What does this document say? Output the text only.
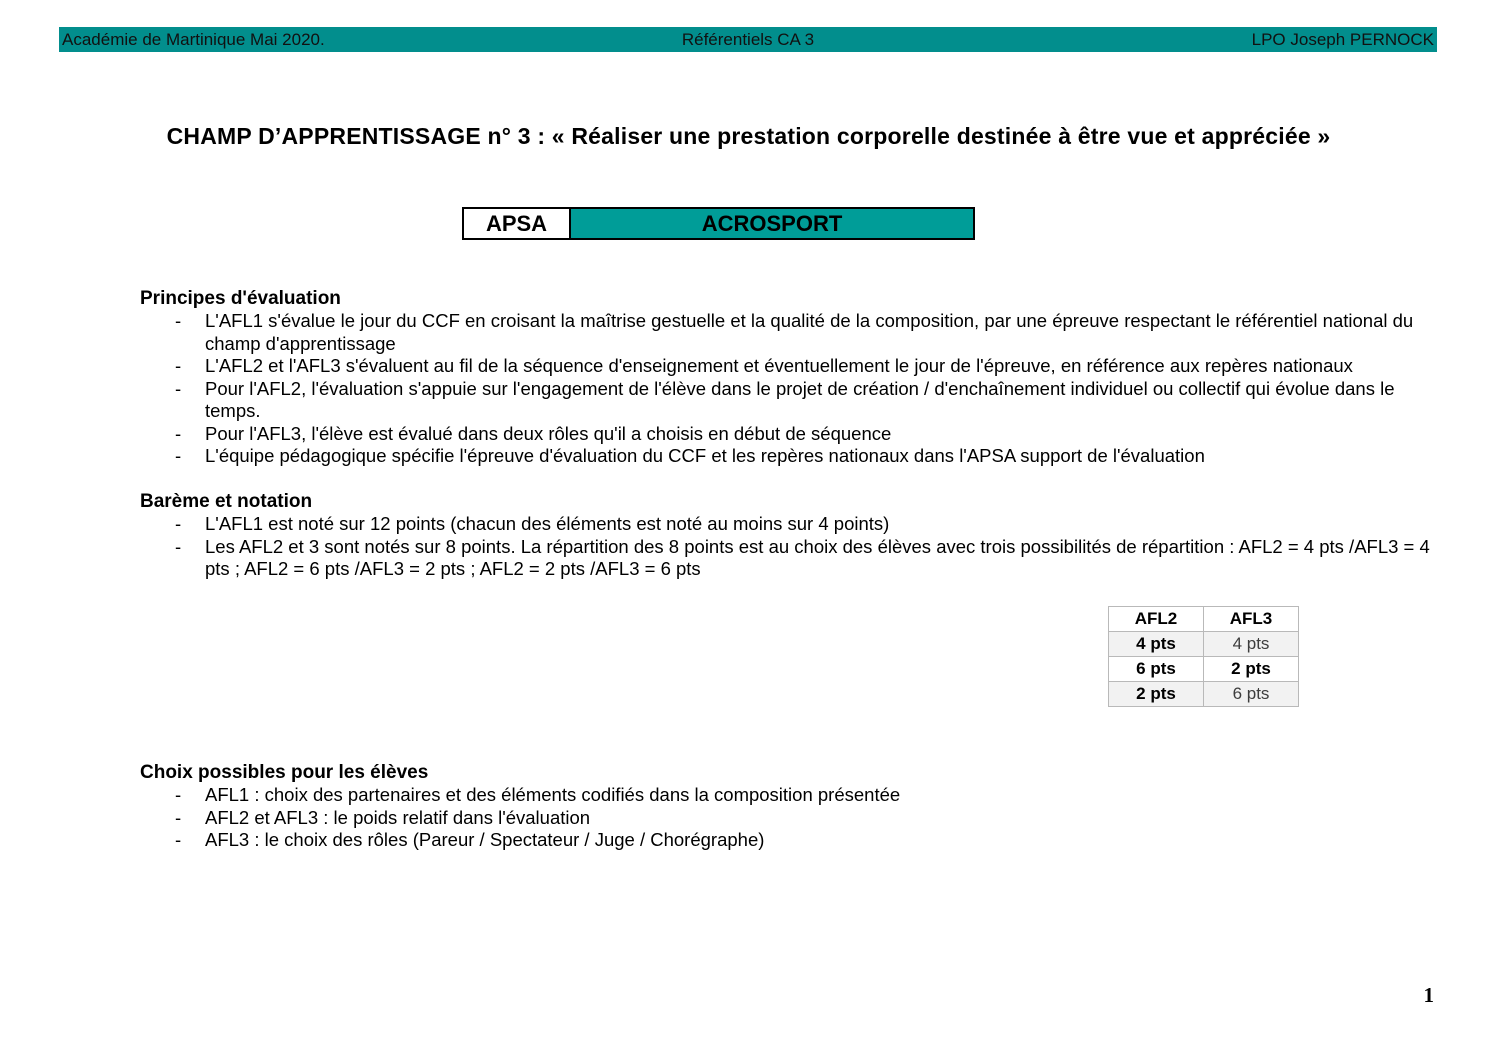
Académie de Martinique Mai 2020.	Référentiels CA 3	LPO Joseph PERNOCK
CHAMP D’APPRENTISSAGE n° 3 : « Réaliser une prestation corporelle destinée à être vue et appréciée »
APSA	ACROSPORT
Principes d'évaluation
-	L'AFL1 s'évalue le jour du CCF en croisant la maîtrise gestuelle et la qualité de la composition, par une épreuve respectant le référentiel national du champ d'apprentissage
-	L'AFL2 et l'AFL3 s'évaluent au fil de la séquence d'enseignement et éventuellement le jour de l'épreuve, en référence aux repères nationaux
-	Pour l'AFL2, l'évaluation s'appuie sur l'engagement de l'élève dans le projet de création / d'enchaînement individuel ou collectif qui évolue dans le temps.
-	Pour l'AFL3, l'élève est évalué dans deux rôles qu'il a choisis en début de séquence
-	L'équipe pédagogique spécifie l'épreuve d'évaluation du CCF et les repères nationaux dans l'APSA support de l'évaluation
Barème et notation
-	L'AFL1 est noté sur 12 points (chacun des éléments est noté au moins sur 4 points)
-	Les AFL2 et 3 sont notés sur 8 points. La répartition des 8 points est au choix des élèves avec trois possibilités de répartition : AFL2 = 4 pts /AFL3 = 4 pts ; AFL2 = 6 pts /AFL3 = 2 pts ; AFL2 = 2 pts /AFL3 = 6 pts
AFL2	AFL3
4 pts	4 pts
6 pts	2 pts
2 pts	6 pts
Choix possibles pour les élèves
-	AFL1 : choix des partenaires et des éléments codifiés dans la composition présentée
-	AFL2 et AFL3 : le poids relatif dans l'évaluation
-	AFL3 : le choix des rôles (Pareur / Spectateur / Juge / Chorégraphe)
1
